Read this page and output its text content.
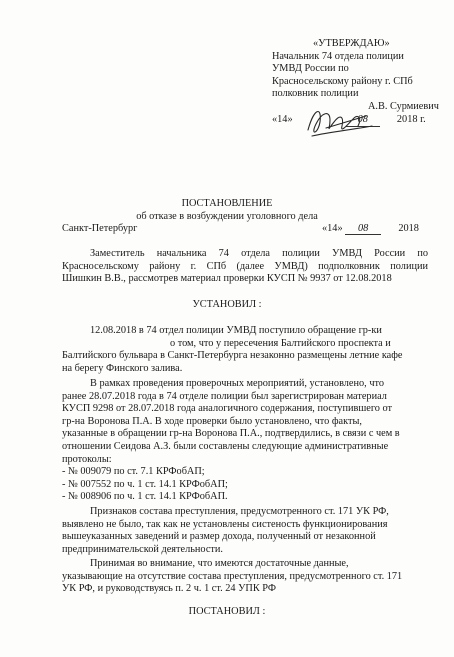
«УТВЕРЖДАЮ»
Начальник 74 отдела полиции
УМВД России по
Красносельскому району г. СПб
полковник полиции
А.В. Сурмиевич
«14»	08	2018 г.
ПОСТАНОВЛЕНИЕ
об отказе в возбуждении уголовного дела
Санкт-Петербург	«14» 08	2018
Заместитель начальника 74 отдела полиции УМВД России по
Красносельскому району г. СПб (далее УМВД) подполковник полиции
Шишкин В.В., рассмотрев материал проверки КУСП № 9937 от 12.08.2018
УСТАНОВИЛ :
12.08.2018 в 74 отдел полиции УМВД поступило обращение гр-ки
о том, что у пересечения Балтийского проспекта и
Балтийского бульвара в Санкт-Петербурга незаконно размещены летние кафе
на берегу Финского залива.
В рамках проведения проверочных мероприятий, установлено, что
ранее 28.07.2018 года в 74 отделе полиции был зарегистрирован материал
КУСП 9298 от 28.07.2018 года аналогичного содержания, поступившего от
гр-на Воронова П.А. В ходе проверки было установлено, что факты,
указанные в обращении гр-на Воронова П.А., подтвердились, в связи с чем в
отношении Сеидова А.З. были составлены следующие административные
протоколы:
- № 009079 по ст. 7.1 КРФобАП;
- № 007552 по ч. 1 ст. 14.1 КРФобАП;
- № 008906 по ч. 1 ст. 14.1 КРФобАП.
Признаков состава преступления, предусмотренного ст. 171 УК РФ,
выявлено не было, так как не установлены систеность функционирования
вышеуказанных заведений и размер дохода, полученный от незаконной
предпринимательской деятельности.
Принимая во внимание, что имеются достаточные данные,
указывающие на отсутствие состава преступления, предусмотренного ст. 171
УК РФ, и руководствуясь п. 2 ч. 1 ст. 24 УПК РФ
ПОСТАНОВИЛ :
